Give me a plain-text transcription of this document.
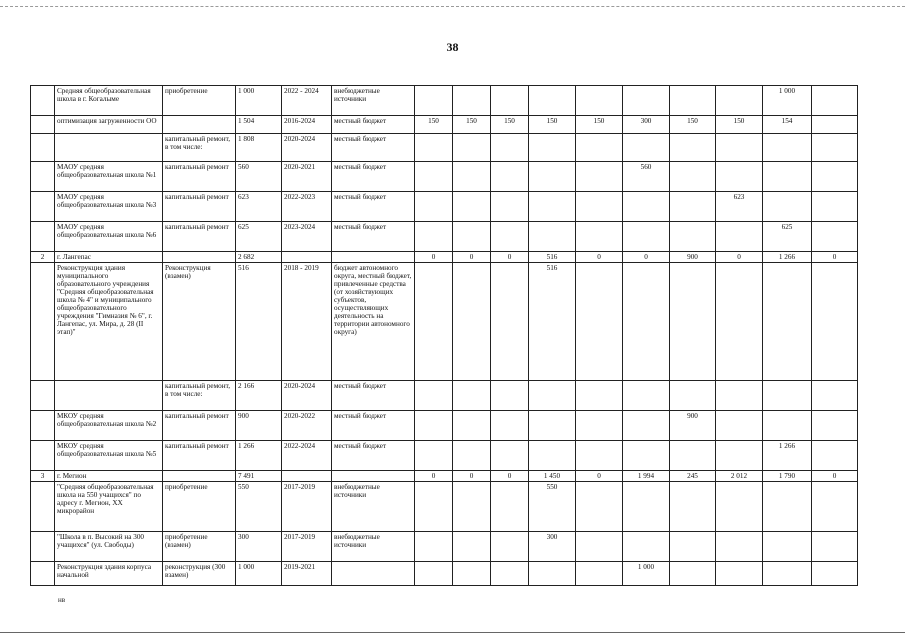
38
	Средняя общеобразовательная школа в г. Когалыме	приобретение	1 000	2022 - 2024	внебюджетные источники									1 000	
	оптимизация загруженности ОО		1 504	2016-2024	местный бюджет	150	150	150	150	150	300	150	150	154	
		капитальный ремонт, в том числе:	1 808	2020-2024	местный бюджет										
	МАОУ средняя общеобразовательная школа №1	капитальный ремонт	560	2020-2021	местный бюджет						560				
	МАОУ средняя общеобразовательная школа №3	капитальный ремонт	623	2022-2023	местный бюджет								623		
	МАОУ средняя общеобразовательная школа №6	капитальный ремонт	625	2023-2024	местный бюджет									625	
2	г. Лангепас		2 682			0	0	0	516	0	0	900	0	1 266	0
	Реконструкция здания муниципального образовательного учреждения "Средняя общеобразовательная школа № 4" и муниципального общеобразовательного учреждения "Гимназия № 6", г. Лангепас, ул. Мира, д. 28 (II этап)"	Реконструкция (взамен)	516	2018 - 2019	бюджет автономного округа, местный бюджет, привлеченные средства (от хозяйствующих субъектов, осуществляющих деятельность на территории автономного округа)				516						
		капитальный ремонт, в том числе:	2 166	2020-2024	местный бюджет										
	МКОУ средняя общеобразовательная школа №2	капитальный ремонт	900	2020-2022	местный бюджет							900			
	МКОУ средняя общеобразовательная школа №5	капитальный ремонт	1 266	2022-2024	местный бюджет									1 266	
3	г. Мегион		7 491			0	0	0	1 450	0	1 994	245	2 012	1 790	0
	"Средняя общеобразовательная школа на 550 учащихся" по адресу г. Мегион, XX микрорайон	приобретение	550	2017-2019	внебюджетные источники				550						
	"Школа в п. Высокий на 300 учащихся" (ул. Свободы)	приобретение (взамен)	300	2017-2019	внебюджетные источники				300						
	Реконструкция здания корпуса начальной	реконструкция (300 взамен)	1 000	2019-2021							1 000				
нв
